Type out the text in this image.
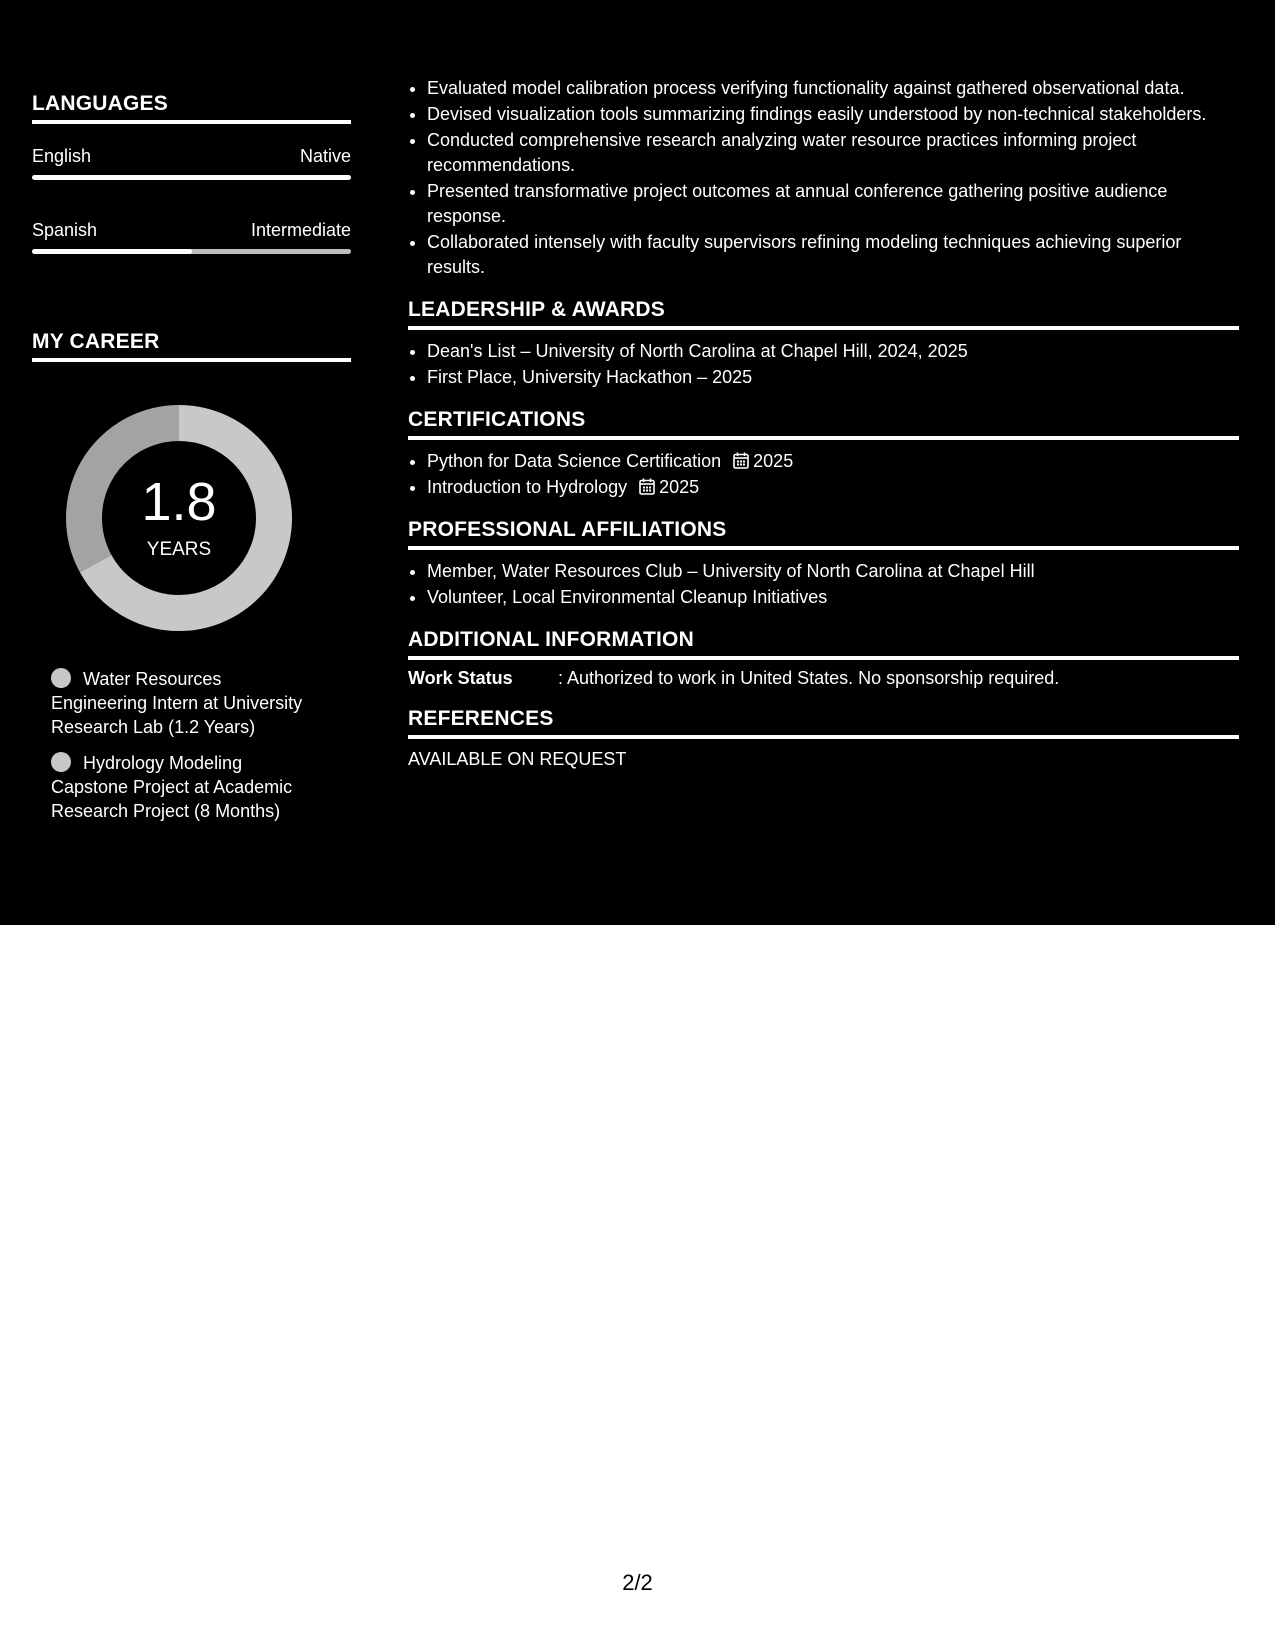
LANGUAGES
English	Native
Spanish	Intermediate
MY CAREER
1.8
YEARS
Water Resources Engineering Intern at University Research Lab (1.2 Years)
Hydrology Modeling Capstone Project at Academic Research Project (8 Months)
• Evaluated model calibration process verifying functionality against gathered observational data.
• Devised visualization tools summarizing findings easily understood by non-technical stakeholders.
• Conducted comprehensive research analyzing water resource practices informing project recommendations.
• Presented transformative project outcomes at annual conference gathering positive audience response.
• Collaborated intensely with faculty supervisors refining modeling techniques achieving superior results.
LEADERSHIP & AWARDS
• Dean's List – University of North Carolina at Chapel Hill, 2024, 2025
• First Place, University Hackathon – 2025
CERTIFICATIONS
• Python for Data Science Certification 2025
• Introduction to Hydrology 2025
PROFESSIONAL AFFILIATIONS
• Member, Water Resources Club – University of North Carolina at Chapel Hill
• Volunteer, Local Environmental Cleanup Initiatives
ADDITIONAL INFORMATION
Work Status	: Authorized to work in United States. No sponsorship required.
REFERENCES
AVAILABLE ON REQUEST
2/2
